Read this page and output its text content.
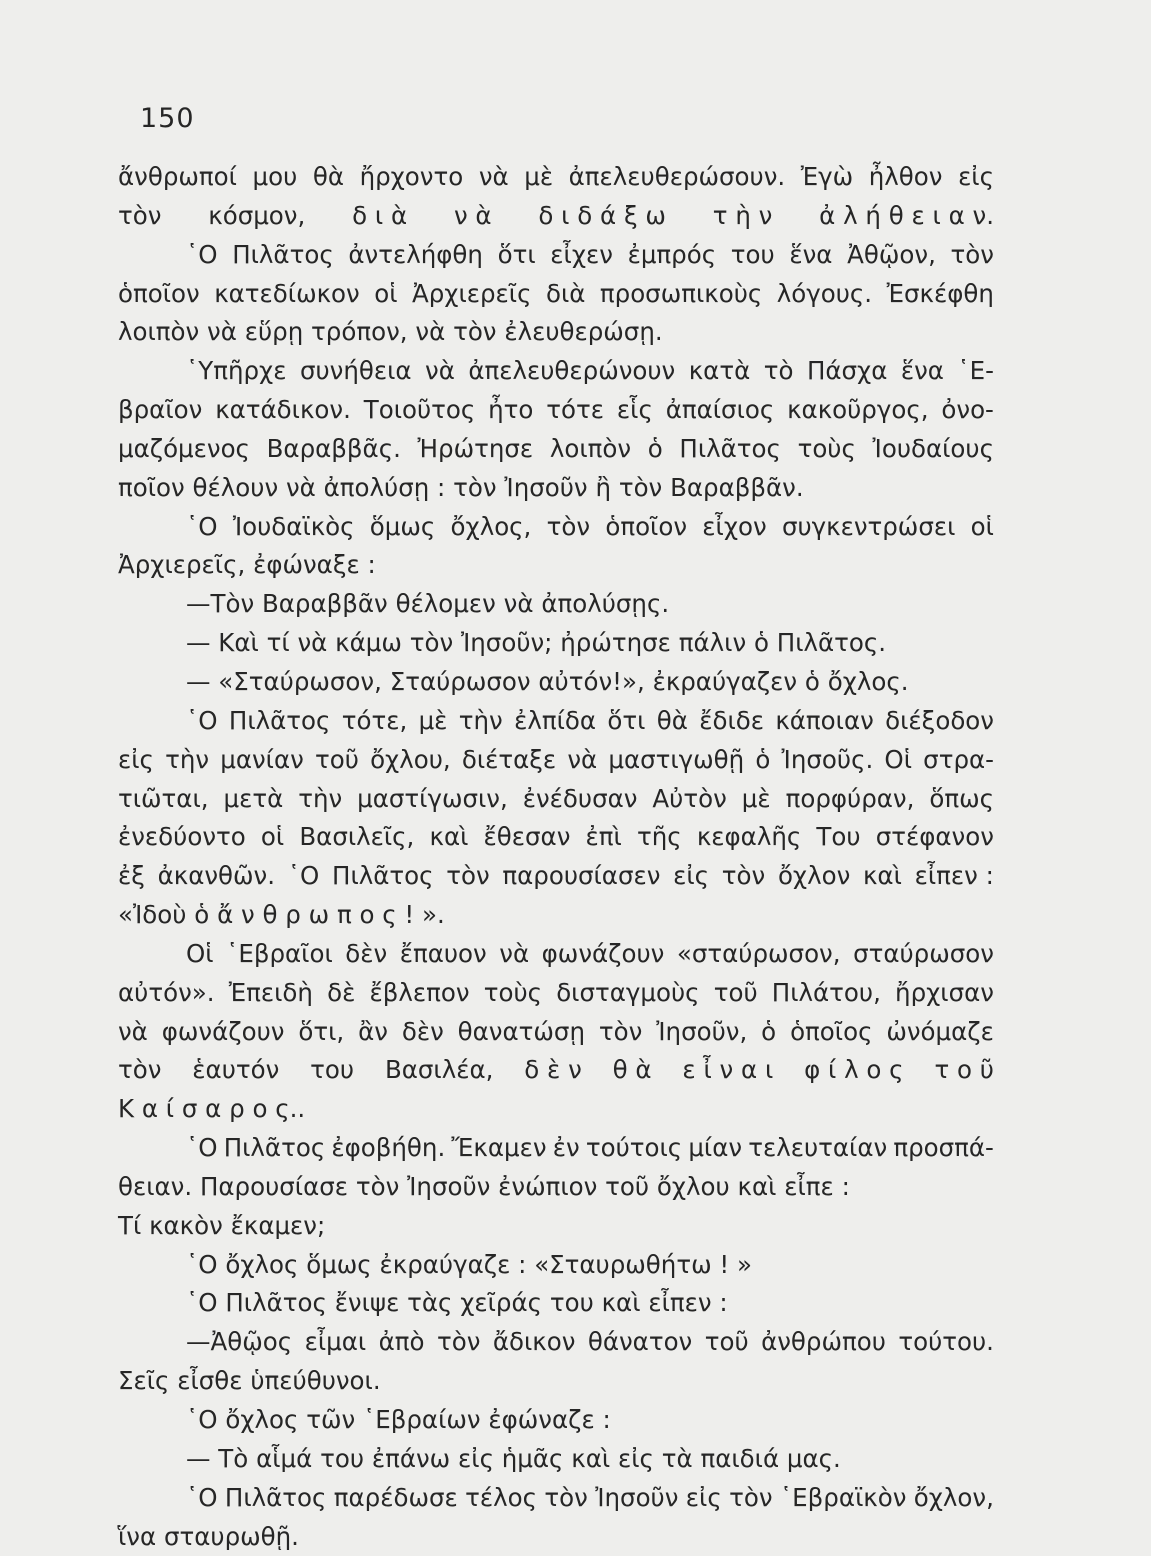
150
ἄνθρωποί μου θὰ ἤρχοντο νὰ μὲ ἀπελευθερώσουν. Ἐγὼ ἦλθον εἰς
τὸν κόσμον, δ ι ὰ ν ὰ δ ι δ ά ξ ω τ ὴ ν ἀ λ ή θ ε ι α ν.
῾Ο Πιλᾶτος ἀντελήφθη ὅτι εἶχεν ἐμπρός του ἕνα Ἀθῷον, τὸν
ὁποῖον κατεδίωκον οἱ Ἀρχιερεῖς διὰ προσωπικοὺς λόγους. Ἐσκέφθη
λοιπὸν νὰ εὕρῃ τρόπον, νὰ τὸν ἐλευθερώσῃ.
῾Υπῆρχε συνήθεια νὰ ἀπελευθερώνουν κατὰ τὸ Πάσχα ἕνα ῾Ε-
βραῖον κατάδικον. Τοιοῦτος ἦτο τότε εἷς ἀπαίσιος κακοῦργος, ὀνο-
μαζόμενος Βαραββᾶς. Ἠρώτησε λοιπὸν ὁ Πιλᾶτος τοὺς Ἰουδαίους
ποῖον θέλουν νὰ ἀπολύσῃ : τὸν Ἰησοῦν ἢ τὸν Βαραββᾶν.
῾Ο Ἰουδαϊκὸς ὅμως ὄχλος, τὸν ὁποῖον εἶχον συγκεντρώσει οἱ
Ἀρχιερεῖς, ἐφώναξε :
—Τὸν Βαραββᾶν θέλομεν νὰ ἀπολύσῃς.
— Καὶ τί νὰ κάμω τὸν Ἰησοῦν; ἠρώτησε πάλιν ὁ Πιλᾶτος.
— «Σταύρωσον, Σταύρωσον αὐτόν!», ἐκραύγαζεν ὁ ὄχλος.
῾Ο Πιλᾶτος τότε, μὲ τὴν ἐλπίδα ὅτι θὰ ἔδιδε κάποιαν διέξοδον
εἰς τὴν μανίαν τοῦ ὄχλου, διέταξε νὰ μαστιγωθῇ ὁ Ἰησοῦς. Οἱ στρα-
τιῶται, μετὰ τὴν μαστίγωσιν, ἐνέδυσαν Αὐτὸν μὲ πορφύραν, ὅπως
ἐνεδύοντο οἱ Βασιλεῖς, καὶ ἔθεσαν ἐπὶ τῆς κεφαλῆς Του στέφανον
ἐξ ἀκανθῶν. ῾Ο Πιλᾶτος τὸν παρουσίασεν εἰς τὸν ὄχλον καὶ εἶπεν :
«Ἰδοὺ ὁ ἄ ν θ ρ ω π ο ς ! ».
Οἱ ῾Εβραῖοι δὲν ἔπαυον νὰ φωνάζουν «σταύρωσον, σταύρωσον
αὐτόν». Ἐπειδὴ δὲ ἔβλεπον τοὺς δισταγμοὺς τοῦ Πιλάτου, ἤρχισαν
νὰ φωνάζουν ὅτι, ἂν δὲν θανατώσῃ τὸν Ἰησοῦν, ὁ ὁποῖος ὠνόμαζε
τὸν ἑαυτόν του Βασιλέα, δ ὲ ν θ ὰ ε ἶ ν α ι φ ί λ ο ς τ ο ῦ
Κ α ί σ α ρ ο ς..
῾Ο Πιλᾶτος ἐφοβήθη. Ἔκαμεν ἐν τούτοις μίαν τελευταίαν προσπά-
θειαν. Παρουσίασε τὸν Ἰησοῦν ἐνώπιον τοῦ ὄχλου καὶ εἶπε :
Τί κακὸν ἔκαμεν;
῾Ο ὄχλος ὅμως ἐκραύγαζε : «Σταυρωθήτω ! »
῾Ο Πιλᾶτος ἔνιψε τὰς χεῖράς του καὶ εἶπεν :
—Ἀθῷος εἶμαι ἀπὸ τὸν ἄδικον θάνατον τοῦ ἀνθρώπου τούτου.
Σεῖς εἶσθε ὑπεύθυνοι.
῾Ο ὄχλος τῶν ῾Εβραίων ἐφώναζε :
— Τὸ αἷμά του ἐπάνω εἰς ἡμᾶς καὶ εἰς τὰ παιδιά μας.
῾Ο Πιλᾶτος παρέδωσε τέλος τὸν Ἰησοῦν εἰς τὸν ῾Εβραϊκὸν ὄχλον,
ἵνα σταυρωθῇ.
